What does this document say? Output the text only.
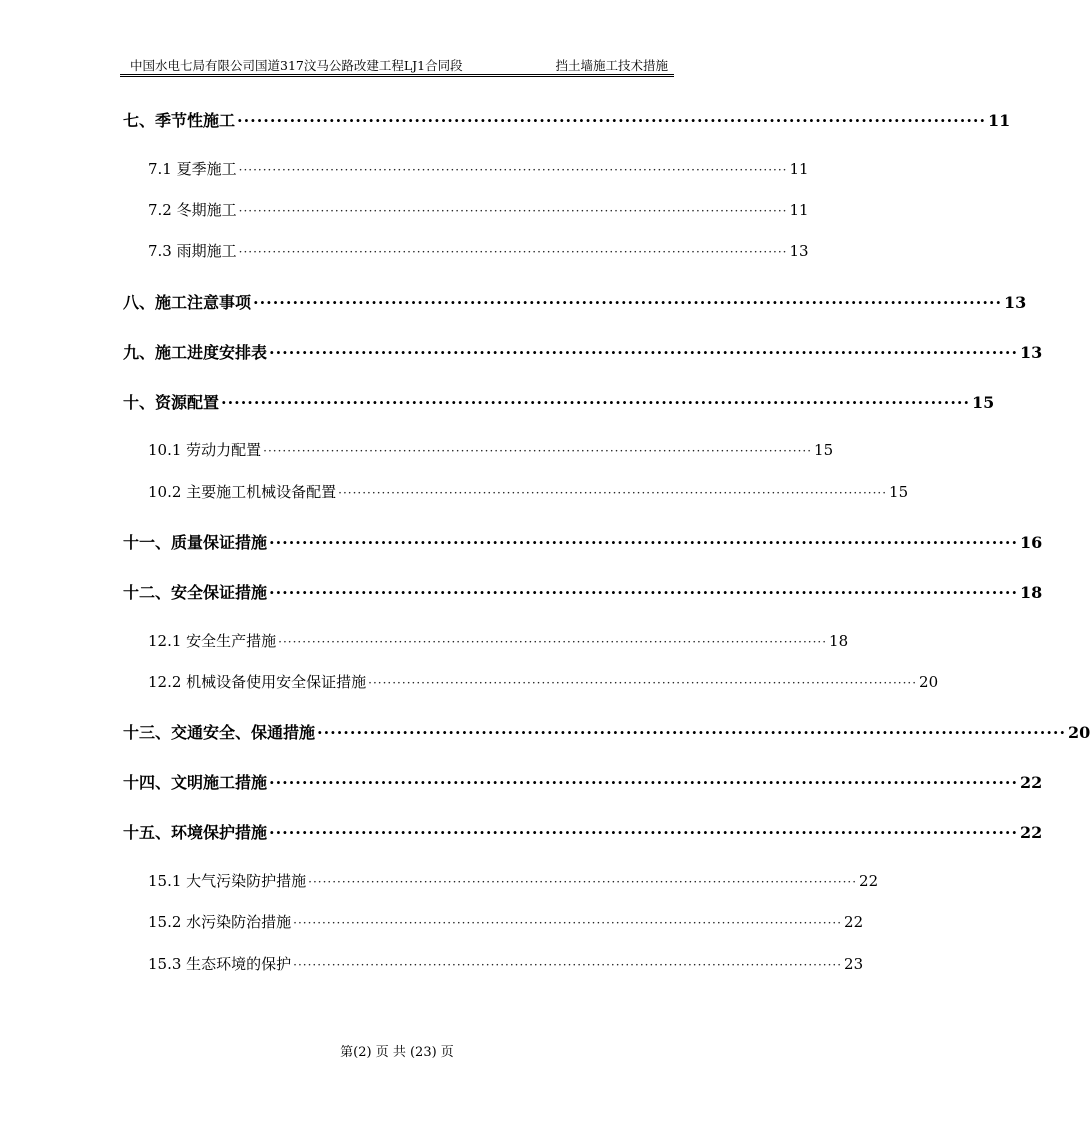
中国水电七局有限公司国道317汶马公路改建工程LJ1合同段	挡土墙施工技术措施
七、季节性施工 ·················································································································· 11
7.1 夏季施工 ·················································································································· 11
7.2 冬期施工 ·················································································································· 11
7.3 雨期施工 ·················································································································· 13
八、施工注意事项 ·················································································································· 13
九、施工进度安排表 ·················································································································· 13
十、资源配置 ·················································································································· 15
10.1 劳动力配置 ·················································································································· 15
10.2 主要施工机械设备配置 ·················································································································· 15
十一、质量保证措施 ·················································································································· 16
十二、安全保证措施 ·················································································································· 18
12.1 安全生产措施 ·················································································································· 18
12.2 机械设备使用安全保证措施 ·················································································································· 20
十三、交通安全、保通措施 ·················································································································· 20
十四、文明施工措施 ·················································································································· 22
十五、环境保护措施 ·················································································································· 22
15.1 大气污染防护措施 ·················································································································· 22
15.2 水污染防治措施 ·················································································································· 22
15.3 生态环境的保护 ·················································································································· 23
第(2) 页 共 (23) 页
